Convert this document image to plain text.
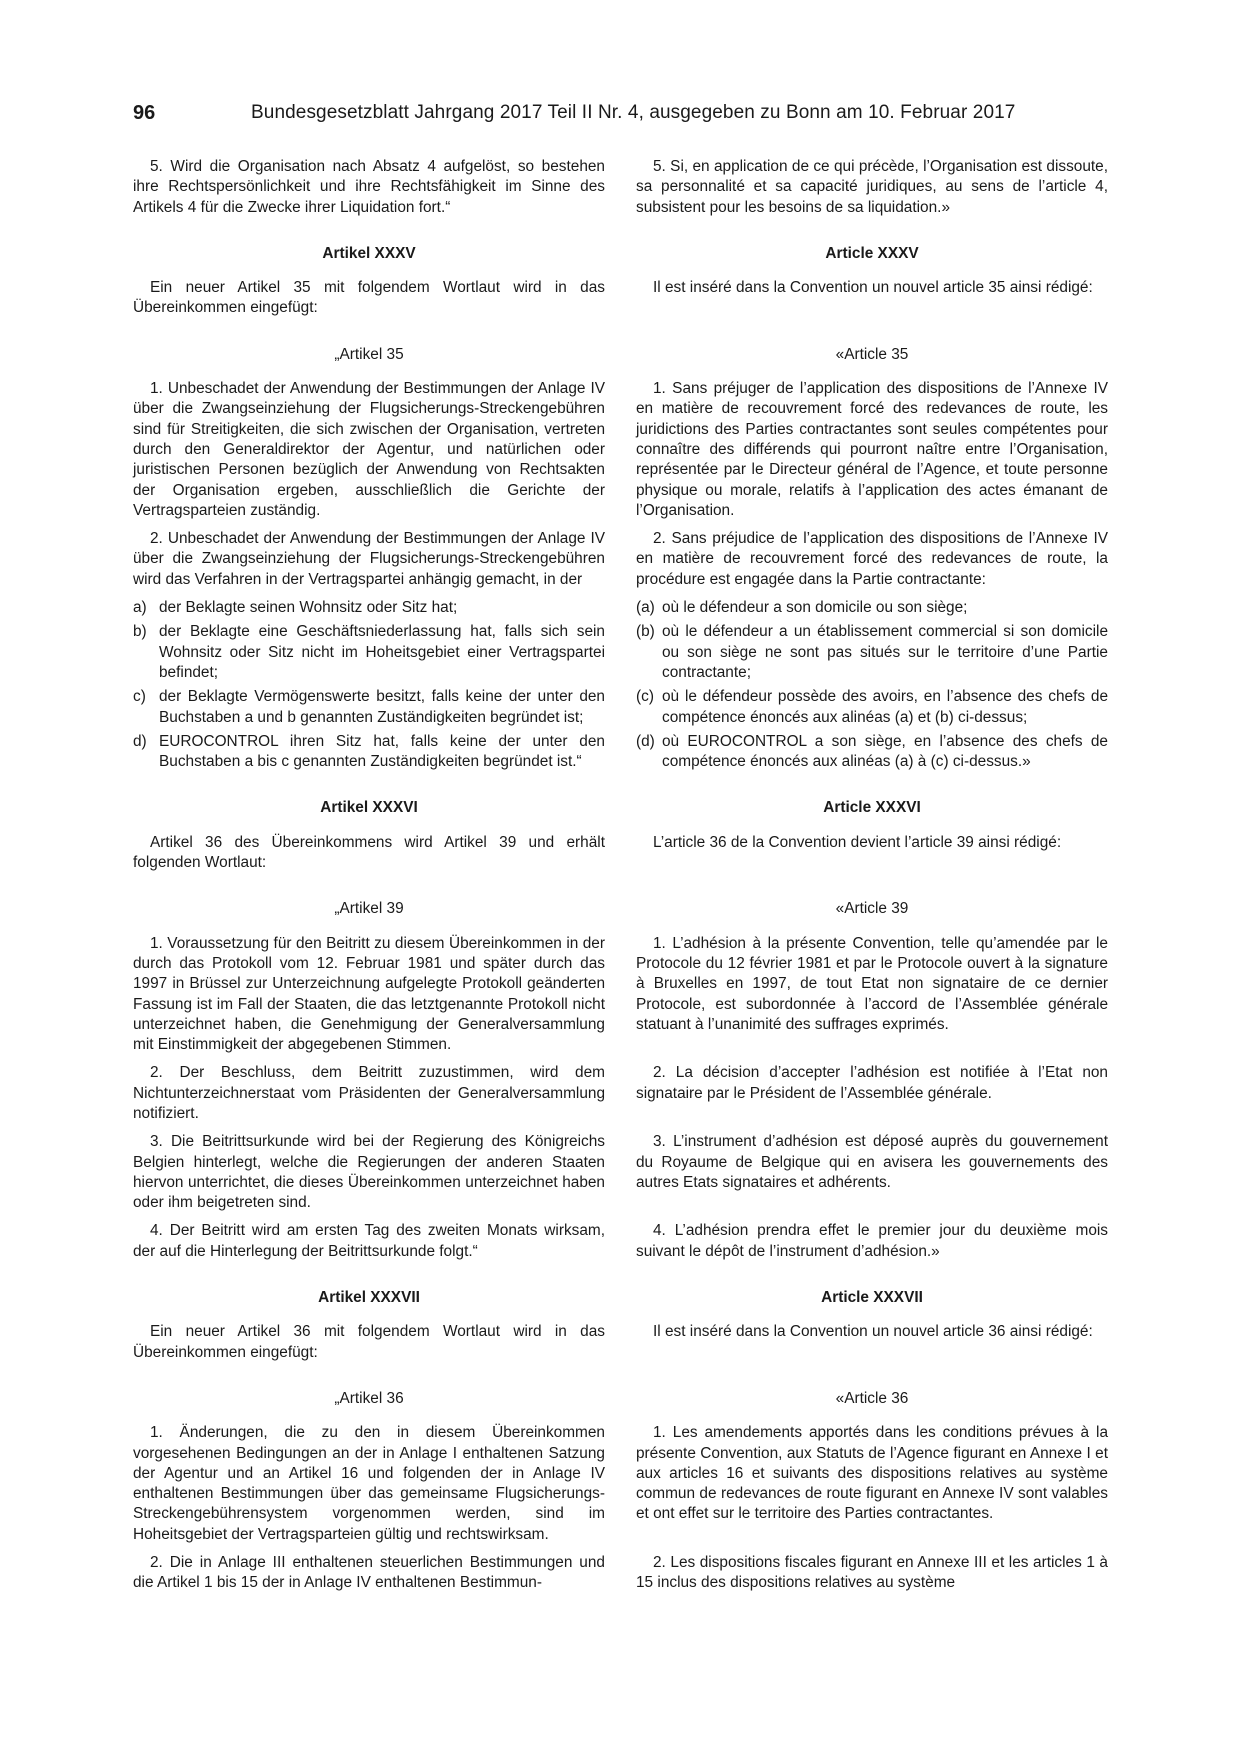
96	Bundesgesetzblatt Jahrgang 2017 Teil II Nr. 4, ausgegeben zu Bonn am 10. Februar 2017

5. Wird die Organisation nach Absatz 4 aufgelöst, so bestehen ihre Rechtspersönlichkeit und ihre Rechtsfähigkeit im Sinne des Artikels 4 für die Zwecke ihrer Liquidation fort.“

5. Si, en application de ce qui précède, l’Organisation est dissoute, sa personnalité et sa capacité juridiques, au sens de l’article 4, subsistent pour les besoins de sa liquidation.»

Artikel XXXV	Article XXXV

Ein neuer Artikel 35 mit folgendem Wortlaut wird in das Übereinkommen eingefügt:

Il est inséré dans la Convention un nouvel article 35 ainsi rédigé:

„Artikel 35	«Article 35

1. Unbeschadet der Anwendung der Bestimmungen der Anlage IV über die Zwangseinziehung der Flugsicherungs-Streckengebühren sind für Streitigkeiten, die sich zwischen der Organisation, vertreten durch den Generaldirektor der Agentur, und natürlichen oder juristischen Personen bezüglich der Anwendung von Rechtsakten der Organisation ergeben, ausschließlich die Gerichte der Vertragsparteien zuständig.

1. Sans préjuger de l’application des dispositions de l’Annexe IV en matière de recouvrement forcé des redevances de route, les juridictions des Parties contractantes sont seules compétentes pour connaître des différends qui pourront naître entre l’Organisation, représentée par le Directeur général de l’Agence, et toute personne physique ou morale, relatifs à l’application des actes émanant de l’Organisation.

2. Unbeschadet der Anwendung der Bestimmungen der Anlage IV über die Zwangseinziehung der Flugsicherungs-Streckengebühren wird das Verfahren in der Vertragspartei anhängig gemacht, in der

2. Sans préjudice de l’application des dispositions de l’Annexe IV en matière de recouvrement forcé des redevances de route, la procédure est engagée dans la Partie contractante:

a) der Beklagte seinen Wohnsitz oder Sitz hat;	(a) où le défendeur a son domicile ou son siège;
b) der Beklagte eine Geschäftsniederlassung hat, falls sich sein Wohnsitz oder Sitz nicht im Hoheitsgebiet einer Vertragspartei befindet;
(b) où le défendeur a un établissement commercial si son domicile ou son siège ne sont pas situés sur le territoire d’une Partie contractante;
c) der Beklagte Vermögenswerte besitzt, falls keine der unter den Buchstaben a und b genannten Zuständigkeiten begründet ist;
(c) où le défendeur possède des avoirs, en l’absence des chefs de compétence énoncés aux alinéas (a) et (b) ci-dessus;
d) EUROCONTROL ihren Sitz hat, falls keine der unter den Buchstaben a bis c genannten Zuständigkeiten begründet ist.“
(d) où EUROCONTROL a son siège, en l’absence des chefs de compétence énoncés aux alinéas (a) à (c) ci-dessus.»
Artikel XXXVI	Article XXXVI

Artikel 36 des Übereinkommens wird Artikel 39 und erhält folgenden Wortlaut:

L’article 36 de la Convention devient l’article 39 ainsi rédigé:

„Artikel 39	«Article 39

1. Voraussetzung für den Beitritt zu diesem Übereinkommen in der durch das Protokoll vom 12. Februar 1981 und später durch das 1997 in Brüssel zur Unterzeichnung aufgelegte Protokoll geänderten Fassung ist im Fall der Staaten, die das letztgenannte Protokoll nicht unterzeichnet haben, die Genehmigung der Generalversammlung mit Einstimmigkeit der abgegebenen Stimmen.

1. L’adhésion à la présente Convention, telle qu’amendée par le Protocole du 12 février 1981 et par le Protocole ouvert à la signature à Bruxelles en 1997, de tout Etat non signataire de ce dernier Protocole, est subordonnée à l’accord de l’Assemblée générale statuant à l’unanimité des suffrages exprimés.

2. Der Beschluss, dem Beitritt zuzustimmen, wird dem Nichtunterzeichnerstaat vom Präsidenten der Generalversammlung notifiziert.

2. La décision d’accepter l’adhésion est notifiée à l’Etat non signataire par le Président de l’Assemblée générale.

3. Die Beitrittsurkunde wird bei der Regierung des Königreichs Belgien hinterlegt, welche die Regierungen der anderen Staaten hiervon unterrichtet, die dieses Übereinkommen unterzeichnet haben oder ihm beigetreten sind.

3. L’instrument d’adhésion est déposé auprès du gouvernement du Royaume de Belgique qui en avisera les gouvernements des autres Etats signataires et adhérents.

4. Der Beitritt wird am ersten Tag des zweiten Monats wirksam, der auf die Hinterlegung der Beitrittsurkunde folgt.“

4. L’adhésion prendra effet le premier jour du deuxième mois suivant le dépôt de l’instrument d’adhésion.»

Artikel XXXVII	Article XXXVII

Ein neuer Artikel 36 mit folgendem Wortlaut wird in das Übereinkommen eingefügt:

Il est inséré dans la Convention un nouvel article 36 ainsi rédigé:

„Artikel 36	«Article 36

1. Änderungen, die zu den in diesem Übereinkommen vorgesehenen Bedingungen an der in Anlage I enthaltenen Satzung der Agentur und an Artikel 16 und folgenden der in Anlage IV enthaltenen Bestimmungen über das gemeinsame Flugsicherungs-Streckengebührensystem vorgenommen werden, sind im Hoheitsgebiet der Vertragsparteien gültig und rechtswirksam.

1. Les amendements apportés dans les conditions prévues à la présente Convention, aux Statuts de l’Agence figurant en Annexe I et aux articles 16 et suivants des dispositions relatives au système commun de redevances de route figurant en Annexe IV sont valables et ont effet sur le territoire des Parties contractantes.

2. Die in Anlage III enthaltenen steuerlichen Bestimmungen und die Artikel 1 bis 15 der in Anlage IV enthaltenen Bestimmun-

2. Les dispositions fiscales figurant en Annexe III et les articles 1 à 15 inclus des dispositions relatives au système
